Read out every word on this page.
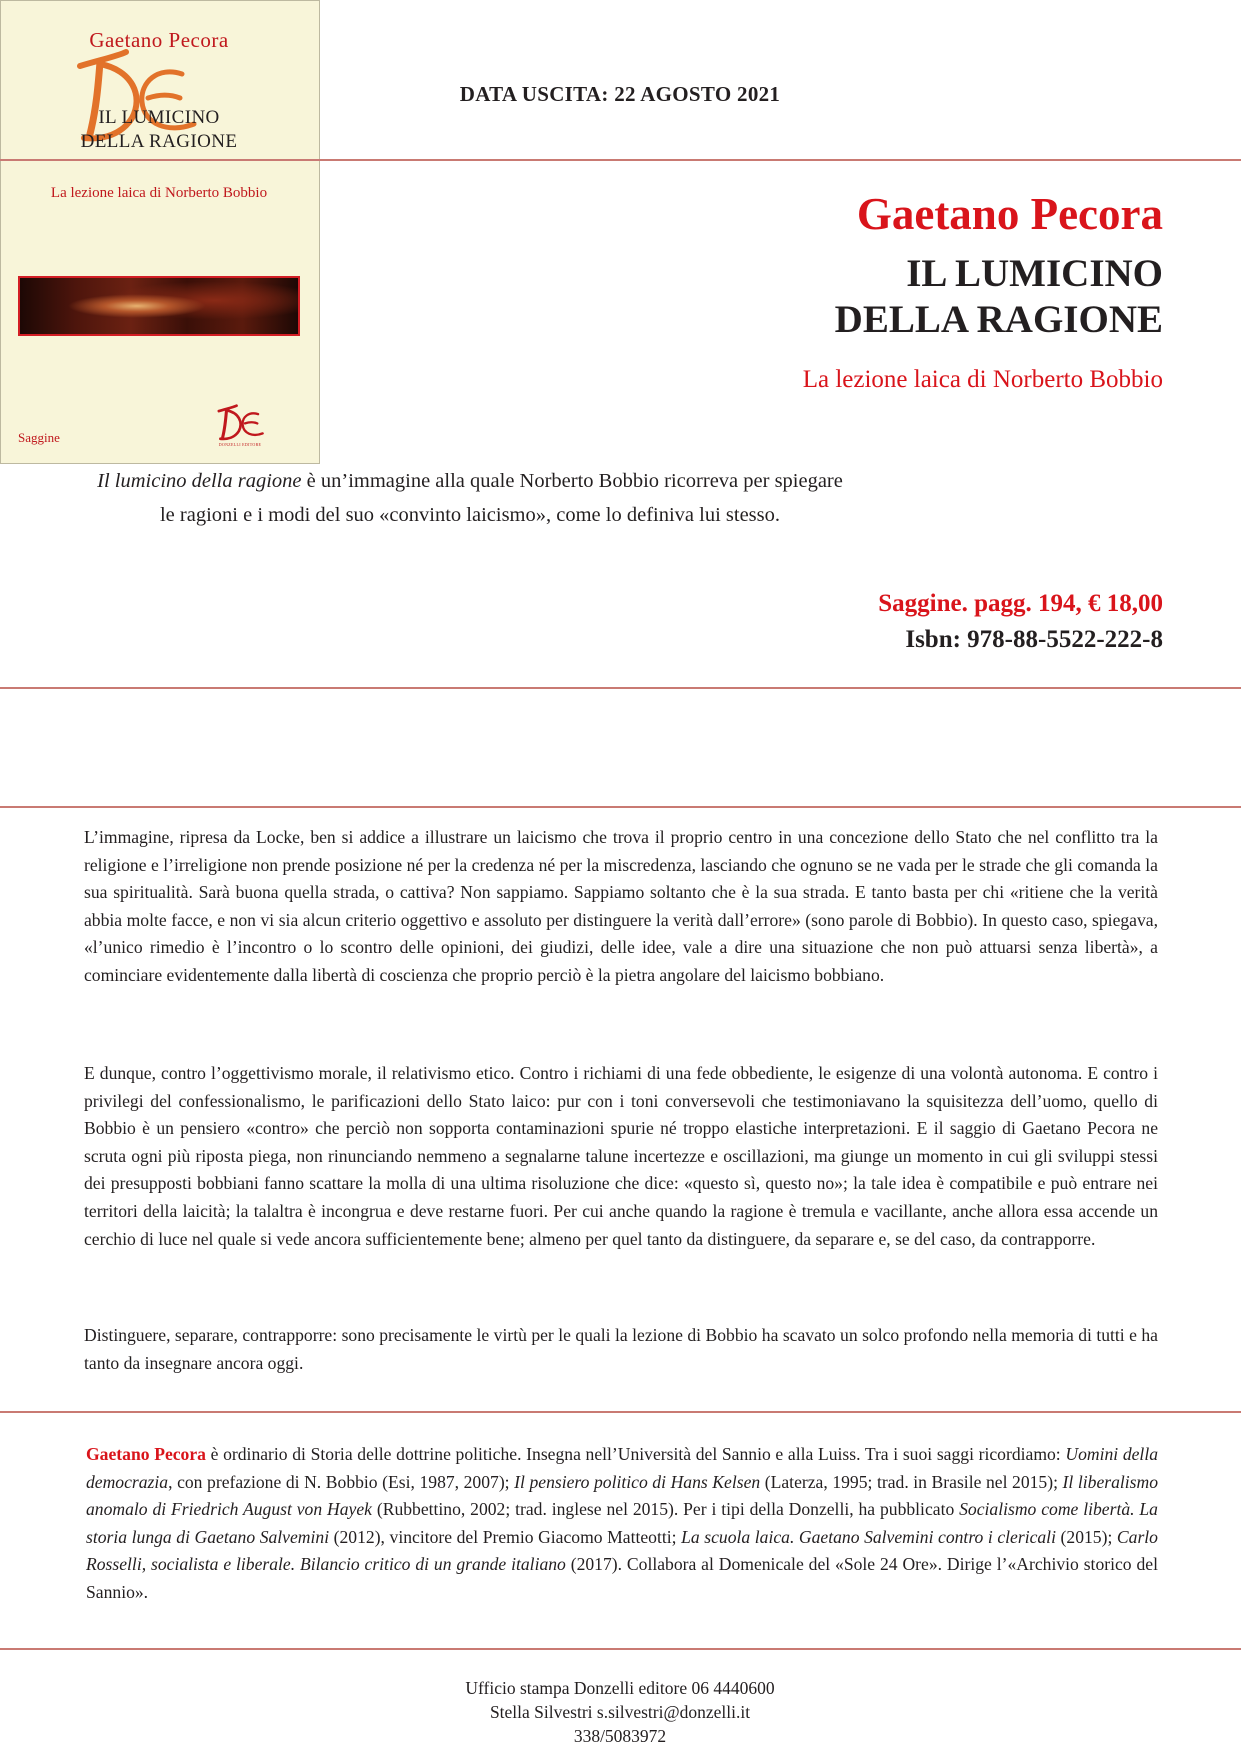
DATA USCITA: 22 AGOSTO 2021
Gaetano Pecora
IL LUMICINO
DELLA RAGIONE
La lezione laica di Norberto Bobbio
Saggine	DONZELLI EDITORE
Gaetano Pecora
IL LUMICINO
DELLA RAGIONE
La lezione laica di Norberto Bobbio
Saggine. pagg. 194, € 18,00
Isbn: 978-88-5522-222-8
Il lumicino della ragione è un’immagine alla quale Norberto Bobbio ricorreva per spiegare
le ragioni e i modi del suo «convinto laicismo», come lo definiva lui stesso.
L’immagine, ripresa da Locke, ben si addice a illustrare un laicismo che trova il proprio centro in una concezione dello Stato che nel conflitto tra la religione e l’irreligione non prende posizione né per la credenza né per la miscredenza, lasciando che ognuno se ne vada per le strade che gli comanda la sua spiritualità. Sarà buona quella strada, o cattiva? Non sappiamo. Sappiamo soltanto che è la sua strada. E tanto basta per chi «ritiene che la verità abbia molte facce, e non vi sia alcun criterio oggettivo e assoluto per distinguere la verità dall’errore» (sono parole di Bobbio). In questo caso, spiegava, «l’unico rimedio è l’incontro o lo scontro delle opinioni, dei giudizi, delle idee, vale a dire una situazione che non può attuarsi senza libertà», a cominciare evidentemente dalla libertà di coscienza che proprio perciò è la pietra angolare del laicismo bobbiano.
E dunque, contro l’oggettivismo morale, il relativismo etico. Contro i richiami di una fede obbediente, le esigenze di una volontà autonoma. E contro i privilegi del confessionalismo, le parificazioni dello Stato laico: pur con i toni conversevoli che testimoniavano la squisitezza dell’uomo, quello di Bobbio è un pensiero «contro» che perciò non sopporta contaminazioni spurie né troppo elastiche interpretazioni. E il saggio di Gaetano Pecora ne scruta ogni più riposta piega, non rinunciando nemmeno a segnalarne talune incertezze e oscillazioni, ma giunge un momento in cui gli sviluppi stessi dei presupposti bobbiani fanno scattare la molla di una ultima risoluzione che dice: «questo sì, questo no»; la tale idea è compatibile e può entrare nei territori della laicità; la talaltra è incongrua e deve restarne fuori. Per cui anche quando la ragione è tremula e vacillante, anche allora essa accende un cerchio di luce nel quale si vede ancora sufficientemente bene; almeno per quel tanto da distinguere, da separare e, se del caso, da contrapporre.
Distinguere, separare, contrapporre: sono precisamente le virtù per le quali la lezione di Bobbio ha scavato un solco profondo nella memoria di tutti e ha tanto da insegnare ancora oggi.
Gaetano Pecora è ordinario di Storia delle dottrine politiche. Insegna nell’Università del Sannio e alla Luiss. Tra i suoi saggi ricordiamo: Uomini della democrazia, con prefazione di N. Bobbio (Esi, 1987, 2007); Il pensiero politico di Hans Kelsen (Laterza, 1995; trad. in Brasile nel 2015); Il liberalismo anomalo di Friedrich August von Hayek (Rubbettino, 2002; trad. inglese nel 2015). Per i tipi della Donzelli, ha pubblicato Socialismo come libertà. La storia lunga di Gaetano Salvemini (2012), vincitore del Premio Giacomo Matteotti; La scuola laica. Gaetano Salvemini contro i clericali (2015); Carlo Rosselli, socialista e liberale. Bilancio critico di un grande italiano (2017). Collabora al Domenicale del «Sole 24 Ore». Dirige l’«Archivio storico del Sannio».
Ufficio stampa Donzelli editore 06 4440600
Stella Silvestri s.silvestri@donzelli.it
338/5083972
